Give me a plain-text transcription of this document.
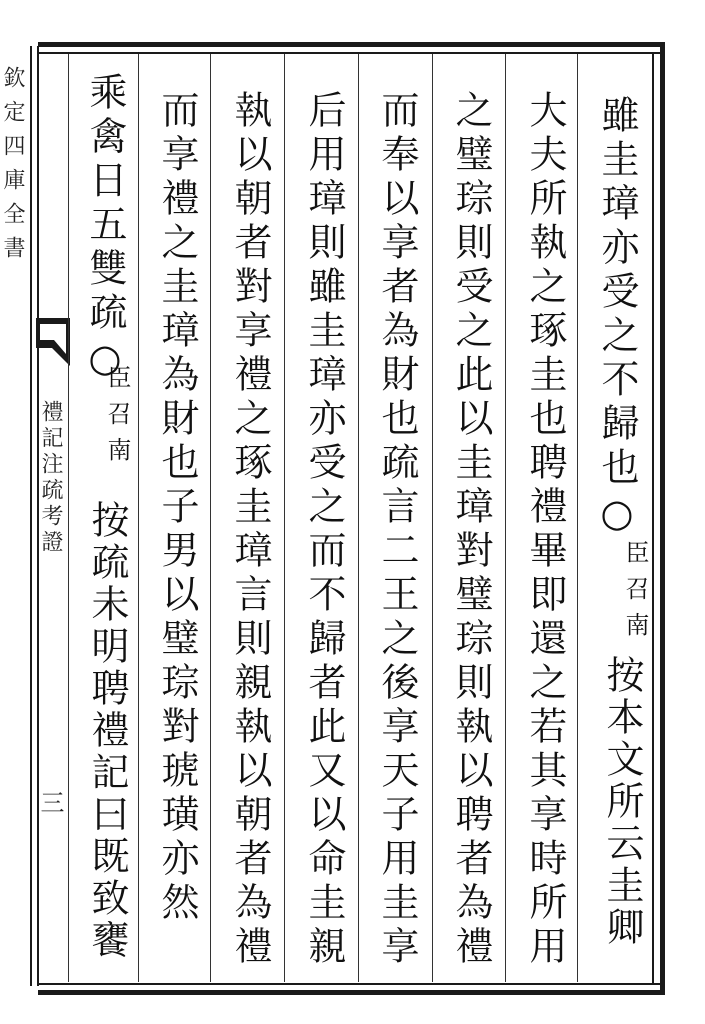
欽定四庫全書
禮記注疏考證
三
雖圭璋亦受之不歸也○
臣召南
按本文所云圭卿
大夫所執之琢圭也聘禮畢即還之若其享時所用
之璧琮則受之此以圭璋對璧琮則執以聘者為禮
而奉以享者為財也疏言二王之後享天子用圭享
后用璋則雖圭璋亦受之而不歸者此又以命圭親
執以朝者對享禮之琢圭璋言則親執以朝者為禮
而享禮之圭璋為財也子男以璧琮對琥璜亦然
乘禽日五雙疏○
臣召南
按疏未明聘禮記曰既致饔
